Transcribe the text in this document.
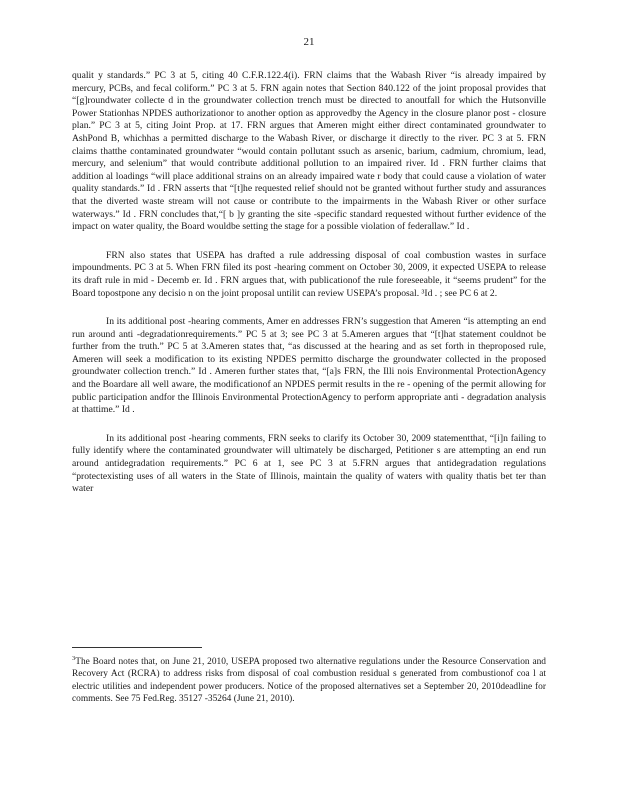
21

qualit y standards.” PC 3 at 5, citing 40 C.F.R.122.4(i). FRN claims that the Wabash River “is already impaired by mercury, PCBs, and fecal coliform.” PC 3 at 5. FRN again notes that Section 840.122 of the joint proposal provides that “[g]roundwater collecte d in the groundwater collection trench must be directed to anoutfall for which the Hutsonville Power Stationhas NPDES authorizationor to another option as approvedby the Agency in the closure planor post - closure plan.” PC 3 at 5, citing Joint Prop. at 17. FRN argues that Ameren might either direct contaminated groundwater to AshPond B, whichhas a permitted discharge to the Wabash River, or discharge it directly to the river. PC 3 at 5. FRN claims thatthe contaminated groundwater “would contain pollutant ssuch as arsenic, barium, cadmium, chromium, lead, mercury, and selenium” that would contribute additional pollution to an impaired river. Id . FRN further claims that addition al loadings “will place additional strains on an already impaired wate r body that could cause a violation of water quality standards.” Id . FRN asserts that “[t]he requested relief should not be granted without further study and assurances that the diverted waste stream will not cause or contribute to the impairments in the Wabash River or other surface waterways.” Id . FRN concludes that,“[ b ]y granting the site -specific standard requested without further evidence of the impact on water quality, the Board wouldbe setting the stage for a possible violation of federallaw.” Id .

FRN also states that USEPA has drafted a rule addressing disposal of coal combustion wastes in surface impoundments. PC 3 at 5. When FRN filed its post -hearing comment on October 30, 2009, it expected USEPA to release its draft rule in mid - Decemb er. Id . FRN argues that, with publicationof the rule foreseeable, it “seems prudent” for the Board topostpone any decisio n on the joint proposal untilit can review USEPA’s proposal. ³Id . ; see PC 6 at 2.

In its additional post -hearing comments, Amer en addresses FRN’s suggestion that Ameren “is attempting an end run around anti -degradationrequirements.” PC 5 at 3; see PC 3 at 5.Ameren argues that “[t]hat statement couldnot be further from the truth.” PC 5 at 3.Ameren states that, “as discussed at the hearing and as set forth in theproposed rule, Ameren will seek a modification to its existing NPDES permitto discharge the groundwater collected in the proposed groundwater collection trench.” Id . Ameren further states that, “[a]s FRN, the Illi nois Environmental ProtectionAgency and the Boardare all well aware, the modificationof an NPDES permit results in the re - opening of the permit allowing for public participation andfor the Illinois Environmental ProtectionAgency to perform appropriate anti - degradation analysis at thattime.” Id .

In its additional post -hearing comments, FRN seeks to clarify its October 30, 2009 statementthat, “[i]n failing to fully identify where the contaminated groundwater will ultimately be discharged, Petitioner s are attempting an end run around antidegradation requirements.” PC 6 at 1, see PC 3 at 5.FRN argues that antidegradation regulations “protectexisting uses of all waters in the State of Illinois, maintain the quality of waters with quality thatis bet ter than water

$^3$The Board notes that, on June 21, 2010, USEPA proposed two alternative regulations under the Resource Conservation and Recovery Act (RCRA) to address risks from disposal of coal combustion residual s generated from combustionof coa l at electric utilities and independent power producers. Notice of the proposed alternatives set a September 20, 2010deadline for comments. See 75 Fed.Reg. 35127 -35264 (June 21, 2010).
